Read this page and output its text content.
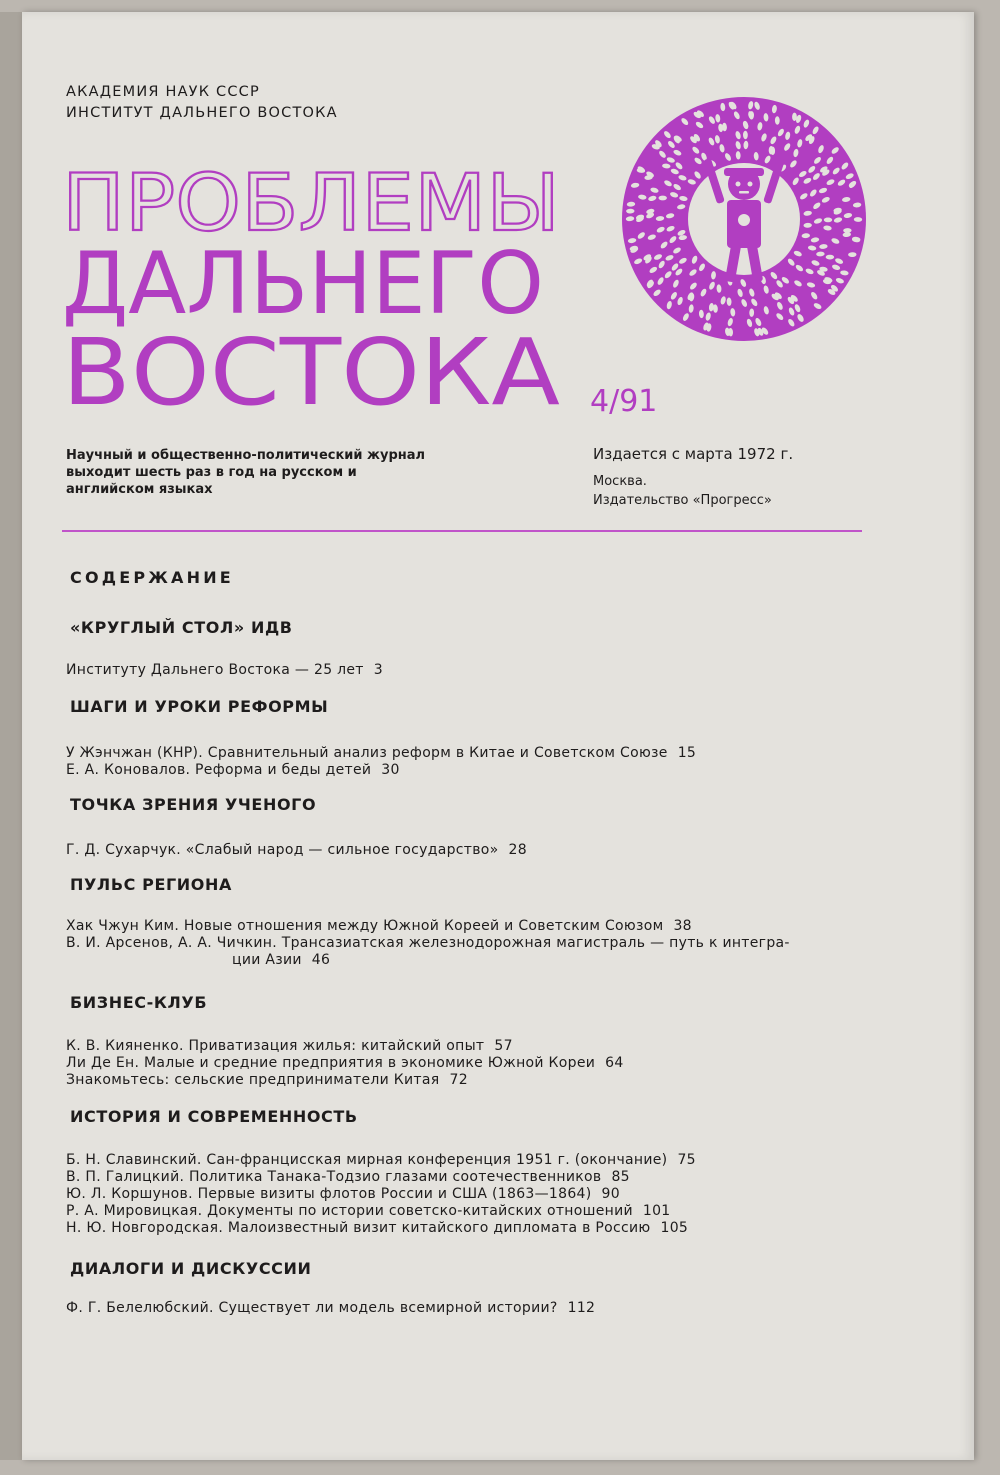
АКАДЕМИЯ НАУК СССР
ИНСТИТУТ ДАЛЬНЕГО ВОСТОКА
ПРОБЛЕМЫ
ДАЛЬНЕГО
ВОСТОКА 4/91
Научный и общественно-политический журнал
выходит шесть раз в год на русском и
английском языках
Издается с марта 1972 г.
Москва.
Издательство «Прогресс»
СОДЕРЖАНИЕ
«КРУГЛЫЙ СТОЛ» ИДВ
Институту Дальнего Востока — 25 лет 3
ШАГИ И УРОКИ РЕФОРМЫ
У Жэнчжан (КНР). Сравнительный анализ реформ в Китае и Советском Союзе 15
Е. А. Коновалов. Реформа и беды детей 30
ТОЧКА ЗРЕНИЯ УЧЕНОГО
Г. Д. Сухарчук. «Слабый народ — сильное государство» 28
ПУЛЬС РЕГИОНА
Хак Чжун Ким. Новые отношения между Южной Кореей и Советским Союзом 38
В. И. Арсенов, А. А. Чичкин. Трансазиатская железнодорожная магистраль — путь к интегра-
ции Азии 46
БИЗНЕС-КЛУБ
К. В. Кияненко. Приватизация жилья: китайский опыт 57
Ли Де Ен. Малые и средние предприятия в экономике Южной Кореи 64
Знакомьтесь: сельские предприниматели Китая 72
ИСТОРИЯ И СОВРЕМЕННОСТЬ
Б. Н. Славинский. Сан-францисская мирная конференция 1951 г. (окончание) 75
В. П. Галицкий. Политика Танака-Тодзио глазами соотечественников 85
Ю. Л. Коршунов. Первые визиты флотов России и США (1863—1864) 90
Р. А. Мировицкая. Документы по истории советско-китайских отношений 101
Н. Ю. Новгородская. Малоизвестный визит китайского дипломата в Россию 105
ДИАЛОГИ И ДИСКУССИИ
Ф. Г. Белелюбский. Существует ли модель всемирной истории? 112
